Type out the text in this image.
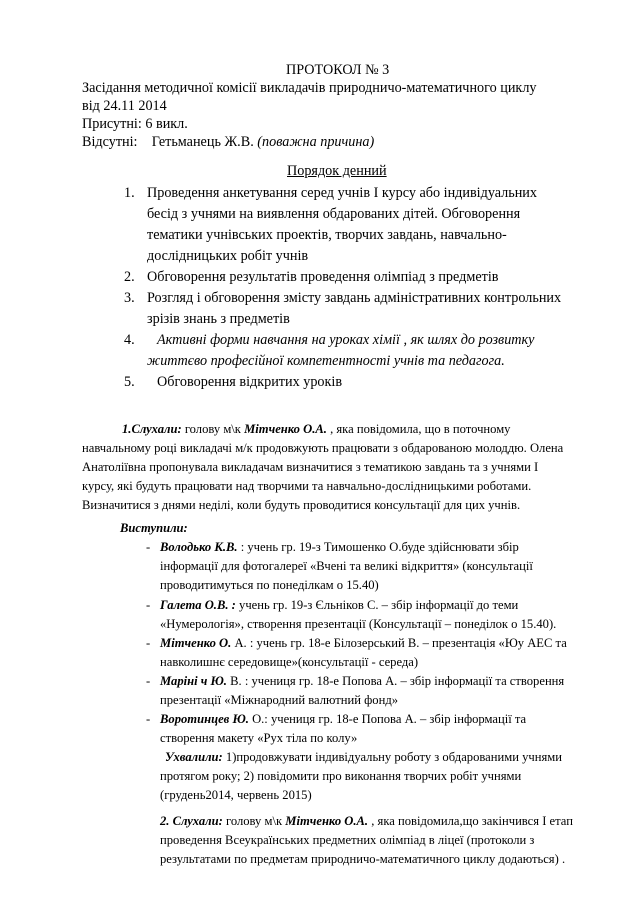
ПРОТОКОЛ № 3
Засідання методичної комісії викладачів природничо-математичного циклу
від 24.11 2014
Присутні: 6 викл.
Відсутні: Гетьманець Ж.В. (поважна причина)
Порядок денний
1. Проведення анкетування серед учнів І курсу або індивідуальних
бесід з учнями на виявлення обдарованих дітей. Обговорення
тематики учнівських проектів, творчих завдань, навчально-
дослідницьких робіт учнів
2. Обговорення результатів проведення олімпіад з предметів
3. Розгляд і обговорення змісту завдань адміністративних контрольних
зрізів знань з предметів
4. Активні форми навчання на уроках хімії , як шлях до розвитку
життєво професійної компетентності учнів та педагога.
5. Обговорення відкритих уроків
1.Слухали: голову м\к Мітченко О.А. , яка повідомила, що в поточному
навчальному році викладачі м/к продовжують працювати з обдарованою молоддю. Олена
Анатоліївна пропонувала викладачам визначитися з тематикою завдань та з учнями І
курсу, які будуть працювати над творчими та навчально-дослідницькими роботами.
Визначитися з днями неділі, коли будуть проводитися консультації для цих учнів.
Виступили:
- Володько К.В. : учень гр. 19-з Тимошенко О.буде здійснювати збір
інформації для фотогалереї «Вчені та великі відкриття» (консультації
проводитимуться по понеділкам о 15.40)
- Галета О.В. : учень гр. 19-з Єльніков С. – збір інформації до теми
«Нумерологія», створення презентації (Консультації – понеділок о 15.40).
- Мітченко О. А. : учень гр. 18-е Білозерський В. – презентація «Юу АЕС та
навколишнє середовище»(консультації - середа)
- Маріні ч Ю. В. : учениця гр. 18-е Попова А. – збір інформації та створення
презентації «Міжнародний валютний фонд»
- Воротинцев Ю. О.: учениця гр. 18-е Попова А. – збір інформації та
створення макету «Рух тіла по колу»
Ухвалили: 1)продовжувати індивідуальну роботу з обдарованими учнями
протягом року; 2) повідомити про виконання творчих робіт учнями
(грудень2014, червень 2015)
2. Слухали: голову м\к Мітченко О.А. , яка повідомила,що закінчився І етап
проведення Всеукраїнських предметних олімпіад в ліцеї (протоколи з
результатами по предметам природничо-математичного циклу додаються) .
